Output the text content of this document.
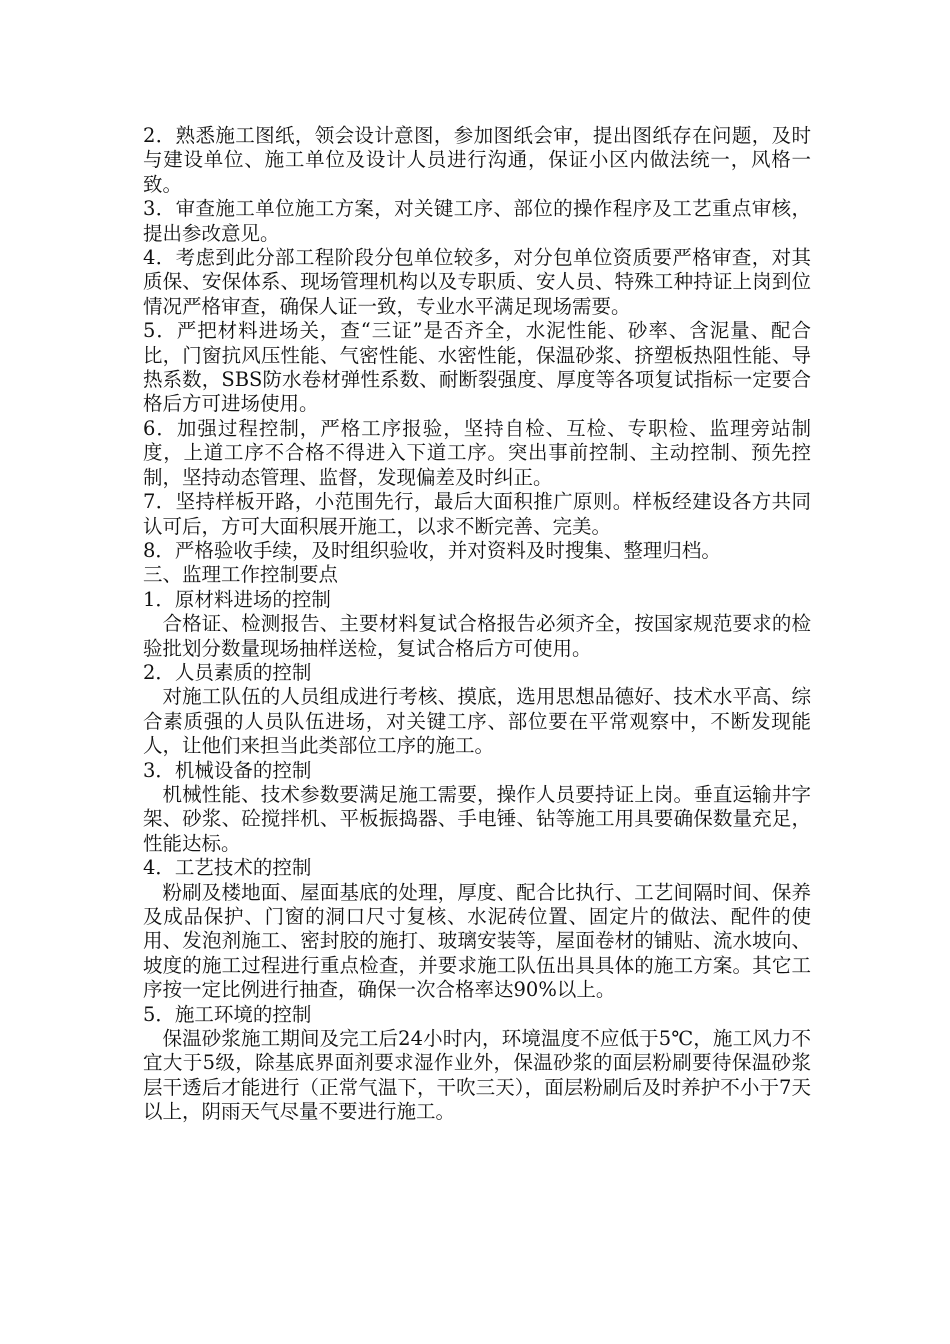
2．熟悉施工图纸，领会设计意图，参加图纸会审，提出图纸存在问题，及时与建设单位、施工单位及设计人员进行沟通，保证小区内做法统一，风格一致。

3．审查施工单位施工方案，对关键工序、部位的操作程序及工艺重点审核，提出参改意见。

4．考虑到此分部工程阶段分包单位较多，对分包单位资质要严格审查，对其质保、安保体系、现场管理机构以及专职质、安人员、特殊工种持证上岗到位情况严格审查，确保人证一致，专业水平满足现场需要。

5．严把材料进场关，查“三证”是否齐全，水泥性能、砂率、含泥量、配合比，门窗抗风压性能、气密性能、水密性能，保温砂浆、挤塑板热阻性能、导热系数，SBS防水卷材弹性系数、耐断裂强度、厚度等各项复试指标一定要合格后方可进场使用。

6．加强过程控制，严格工序报验，坚持自检、互检、专职检、监理旁站制度，上道工序不合格不得进入下道工序。突出事前控制、主动控制、预先控制，坚持动态管理、监督，发现偏差及时纠正。

7．坚持样板开路，小范围先行，最后大面积推广原则。样板经建设各方共同认可后，方可大面积展开施工，以求不断完善、完美。

8．严格验收手续，及时组织验收，并对资料及时搜集、整理归档。

三、监理工作控制要点

1．原材料进场的控制

合格证、检测报告、主要材料复试合格报告必须齐全，按国家规范要求的检验批划分数量现场抽样送检，复试合格后方可使用。

2．人员素质的控制

对施工队伍的人员组成进行考核、摸底，选用思想品德好、技术水平高、综合素质强的人员队伍进场，对关键工序、部位要在平常观察中，不断发现能人，让他们来担当此类部位工序的施工。

3．机械设备的控制

机械性能、技术参数要满足施工需要，操作人员要持证上岗。垂直运输井字架、砂浆、砼搅拌机、平板振捣器、手电锤、钻等施工用具要确保数量充足，性能达标。

4．工艺技术的控制

粉刷及楼地面、屋面基底的处理，厚度、配合比执行、工艺间隔时间、保养及成品保护、门窗的洞口尺寸复核、水泥砖位置、固定片的做法、配件的使用、发泡剂施工、密封胶的施打、玻璃安装等，屋面卷材的铺贴、流水坡向、坡度的施工过程进行重点检查，并要求施工队伍出具具体的施工方案。其它工序按一定比例进行抽查，确保一次合格率达90%以上。

5．施工环境的控制

保温砂浆施工期间及完工后24小时内，环境温度不应低于5℃，施工风力不宜大于5级，除基底界面剂要求湿作业外，保温砂浆的面层粉刷要待保温砂浆层干透后才能进行（正常气温下，干吹三天），面层粉刷后及时养护不小于7天以上，阴雨天气尽量不要进行施工。
